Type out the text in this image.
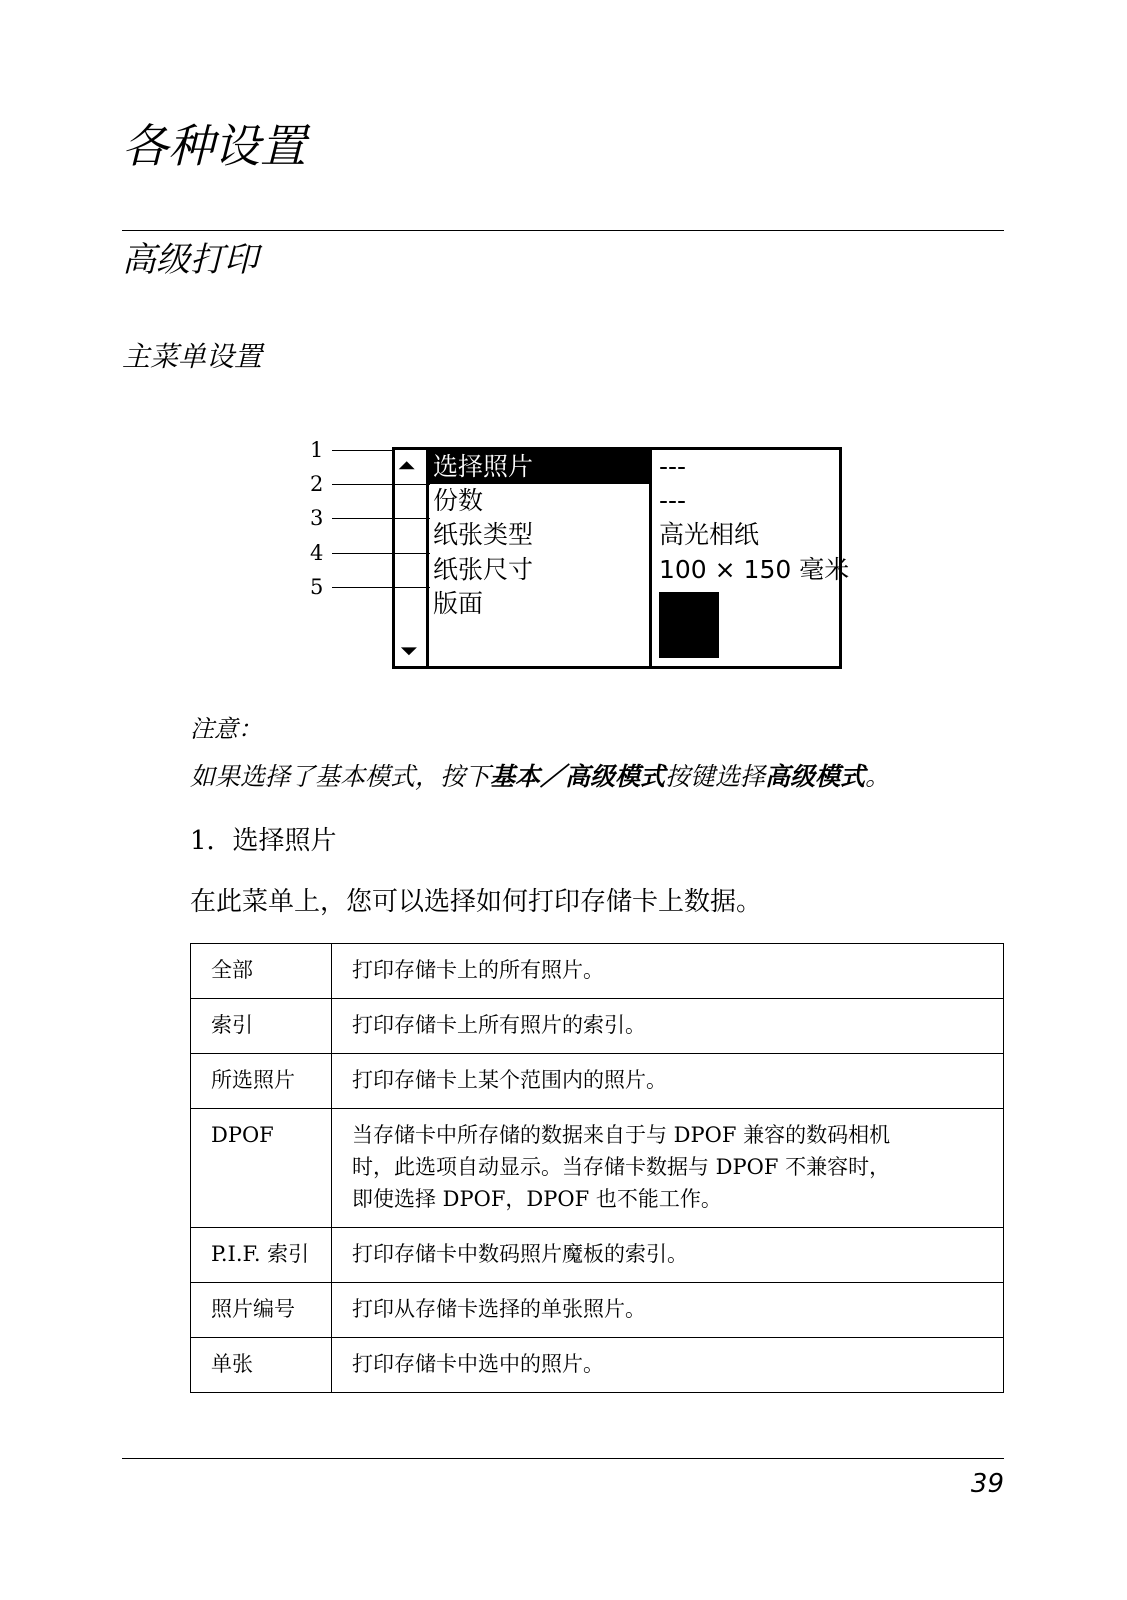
各种设置
高级打印
主菜单设置
1
2
3
4
5
⏶
⏷
选择照片
份数
纸张类型
纸张尺寸
版面
---
---
高光相纸
100 × 150 毫米
注意：
如果选择了基本模式，按下基本／高级模式按键选择高级模式。
1．选择照片
在此菜单上，您可以选择如何打印存储卡上数据。
全部	打印存储卡上的所有照片。
索引	打印存储卡上所有照片的索引。
所选照片	打印存储卡上某个范围内的照片。
DPOF	当存储卡中所存储的数据来自于与 DPOF 兼容的数码相机
时，此选项自动显示。当存储卡数据与 DPOF 不兼容时，
即使选择 DPOF，DPOF 也不能工作。

P.I.F. 索引	打印存储卡中数码照片魔板的索引。
照片编号	打印从存储卡选择的单张照片。
单张	打印存储卡中选中的照片。
39
